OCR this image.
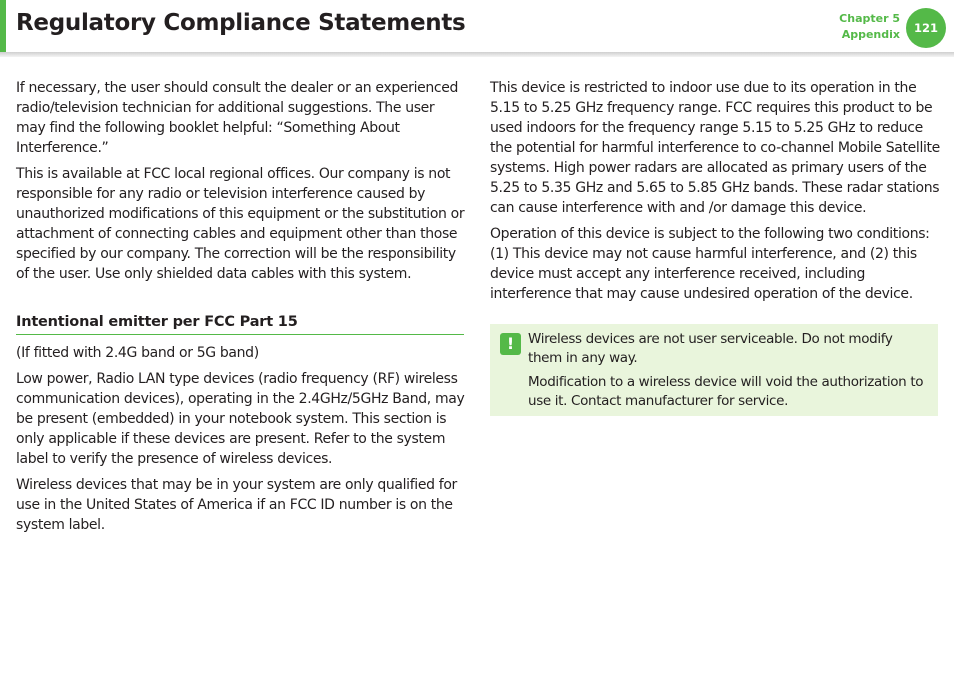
Regulatory Compliance Statements	Chapter 5
Appendix	121

If necessary, the user should consult the dealer or an experienced radio/television technician for additional suggestions. The user may find the following booklet helpful: “Something About Interference.”

This is available at FCC local regional offices. Our company is not responsible for any radio or television interference caused by unauthorized modifications of this equipment or the substitution or attachment of connecting cables and equipment other than those specified by our company. The correction will be the responsibility of the user. Use only shielded data cables with this system.

Intentional emitter per FCC Part 15

(If fitted with 2.4G band or 5G band)

Low power, Radio LAN type devices (radio frequency (RF) wireless communication devices), operating in the 2.4GHz/5GHz Band, may be present (embedded) in your notebook system. This section is only applicable if these devices are present. Refer to the system label to verify the presence of wireless devices.

Wireless devices that may be in your system are only qualified for use in the United States of America if an FCC ID number is on the system label.

This device is restricted to indoor use due to its operation in the 5.15 to 5.25 GHz frequency range. FCC requires this product to be used indoors for the frequency range 5.15 to 5.25 GHz to reduce the potential for harmful interference to co-channel Mobile Satellite systems. High power radars are allocated as primary users of the 5.25 to 5.35 GHz and 5.65 to 5.85 GHz bands. These radar stations can cause interference with and /or damage this device.

Operation of this device is subject to the following two conditions: (1) This device may not cause harmful interference, and (2) this device must accept any interference received, including interference that may cause undesired operation of the device.

!	Wireless devices are not user serviceable. Do not modify them in any way.

Modification to a wireless device will void the authorization to use it. Contact manufacturer for service.
